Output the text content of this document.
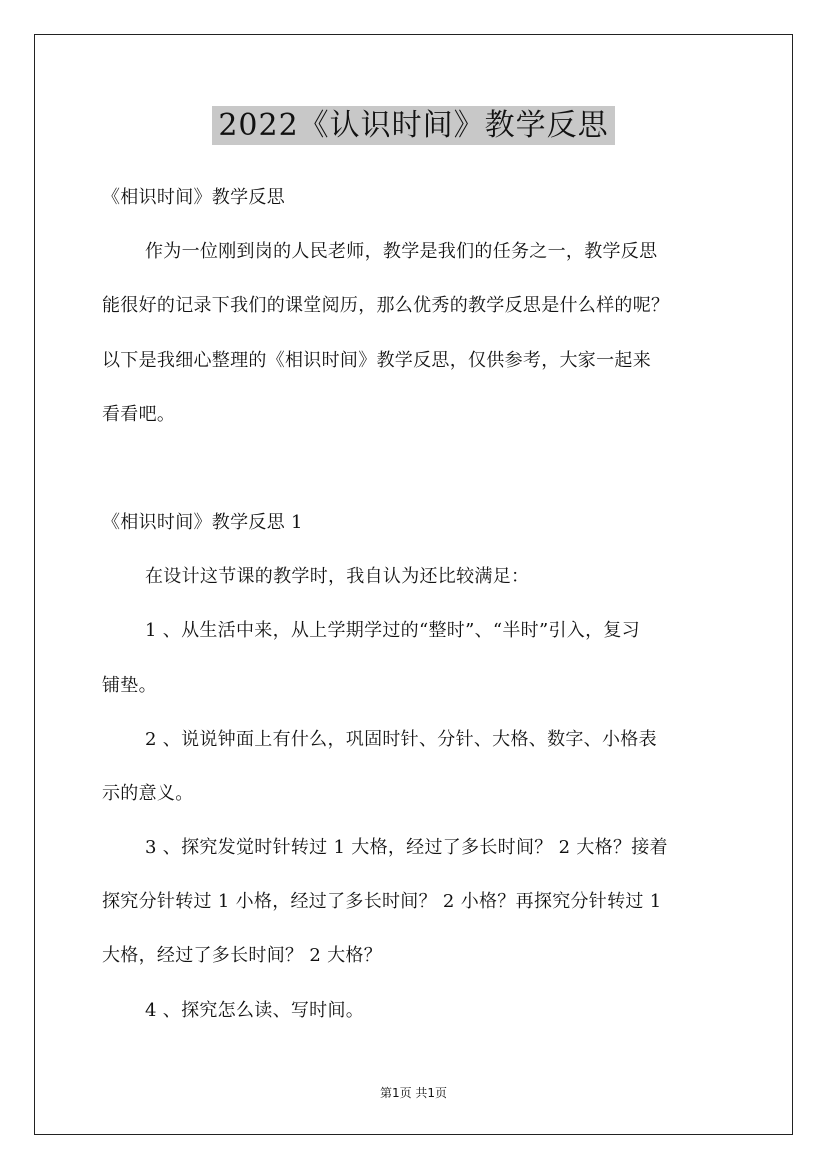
2022《认识时间》教学反思
《相识时间》教学反思
作为一位刚到岗的人民老师，教学是我们的任务之一，教学反思
能很好的记录下我们的课堂阅历，那么优秀的教学反思是什么样的呢？
以下是我细心整理的《相识时间》教学反思，仅供参考，大家一起来
看看吧。
《相识时间》教学反思 1
在设计这节课的教学时，我自认为还比较满足：
1 、从生活中来，从上学期学过的“整时”、“半时”引入，复习
铺垫。
2 、说说钟面上有什么，巩固时针、分针、大格、数字、小格表
示的意义。
3 、探究发觉时针转过 1 大格，经过了多长时间？ 2 大格？接着
探究分针转过 1 小格，经过了多长时间？ 2 小格？再探究分针转过 1
大格，经过了多长时间？ 2 大格？
4 、探究怎么读、写时间。
第1页 共1页
